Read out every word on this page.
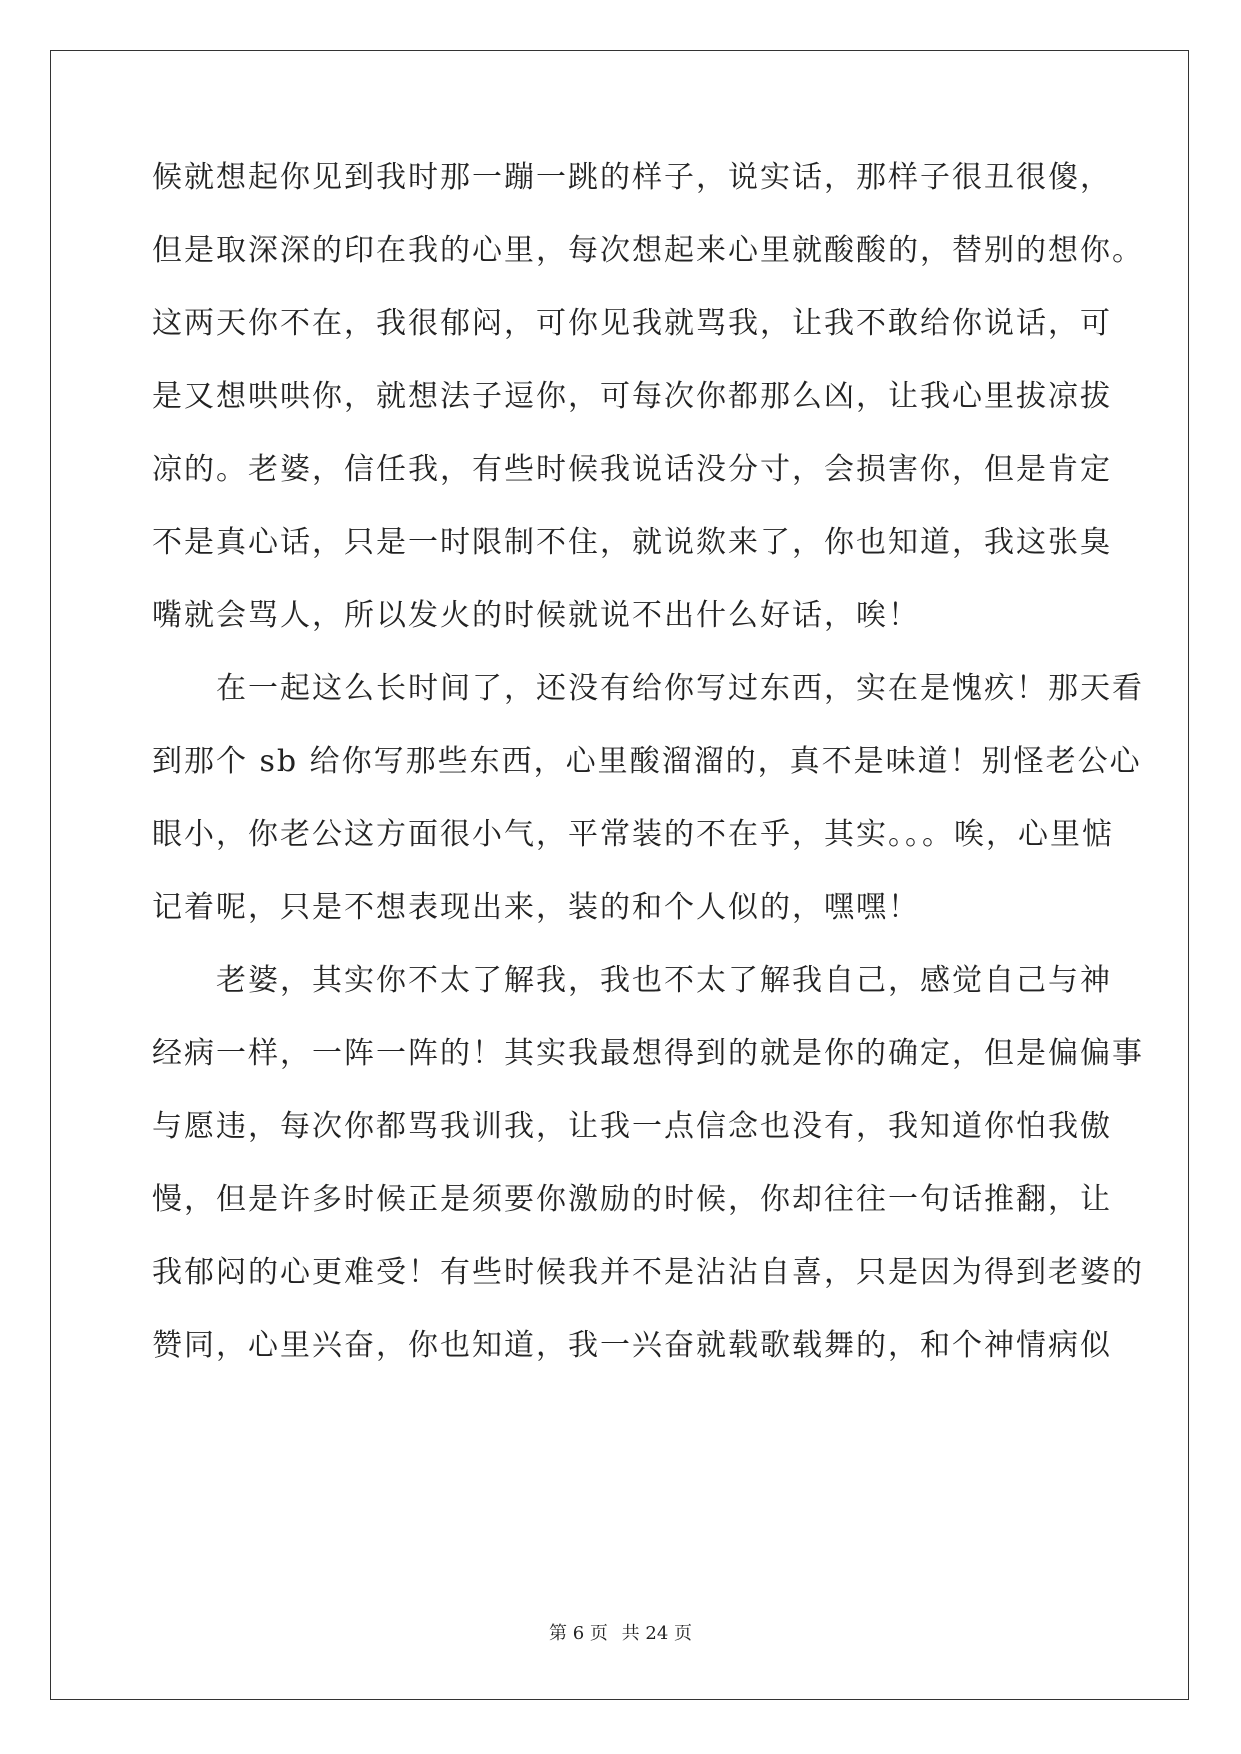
候就想起你见到我时那一蹦一跳的样子，说实话，那样子很丑很傻，
但是取深深的印在我的心里，每次想起来心里就酸酸的，替别的想你。
这两天你不在，我很郁闷，可你见我就骂我，让我不敢给你说话，可
是又想哄哄你，就想法子逗你，可每次你都那么凶，让我心里拔凉拔
凉的。老婆，信任我，有些时候我说话没分寸，会损害你，但是肯定
不是真心话，只是一时限制不住，就说欻来了，你也知道，我这张臭
嘴就会骂人，所以发火的时候就说不出什么好话，唉！
　　在一起这么长时间了，还没有给你写过东西，实在是愧疚！那天看
到那个 sb 给你写那些东西，心里酸溜溜的，真不是味道！别怪老公心
眼小，你老公这方面很小气，平常装的不在乎，其实。。。唉，心里惦
记着呢，只是不想表现出来，装的和个人似的，嘿嘿！
　　老婆，其实你不太了解我，我也不太了解我自己，感觉自己与神
经病一样，一阵一阵的！其实我最想得到的就是你的确定，但是偏偏事
与愿违，每次你都骂我训我，让我一点信念也没有，我知道你怕我傲
慢，但是许多时候正是须要你激励的时候，你却往往一句话推翻，让
我郁闷的心更难受！有些时候我并不是沾沾自喜，只是因为得到老婆的
赞同，心里兴奋，你也知道，我一兴奋就载歌载舞的，和个神情病似
第 6 页 共 24 页
